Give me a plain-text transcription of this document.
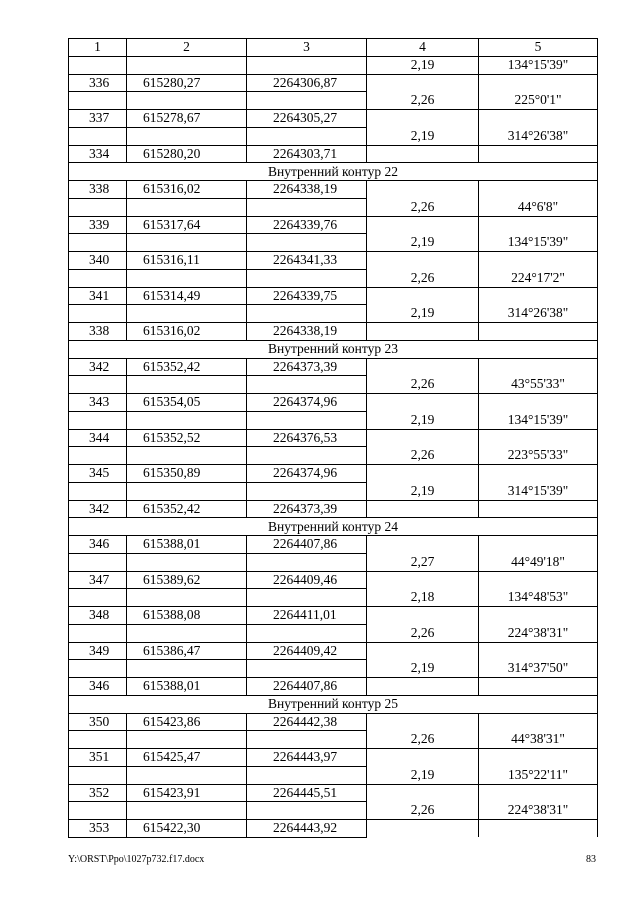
1	2	3	4	5
			2,19	134°15'39"
336	615280,27	2264306,87		
			2,26	225°0'1"
337	615278,67	2264305,27		
			2,19	314°26'38"
334	615280,20	2264303,71		
Внутренний контур 22				
338	615316,02	2264338,19		
			2,26	44°6'8"
339	615317,64	2264339,76		
			2,19	134°15'39"
340	615316,11	2264341,33		
			2,26	224°17'2"
341	615314,49	2264339,75		
			2,19	314°26'38"
338	615316,02	2264338,19		
Внутренний контур 23				
342	615352,42	2264373,39		
			2,26	43°55'33"
343	615354,05	2264374,96		
			2,19	134°15'39"
344	615352,52	2264376,53		
			2,26	223°55'33"
345	615350,89	2264374,96		
			2,19	314°15'39"
342	615352,42	2264373,39		
Внутренний контур 24				
346	615388,01	2264407,86		
			2,27	44°49'18"
347	615389,62	2264409,46		
			2,18	134°48'53"
348	615388,08	2264411,01		
			2,26	224°38'31"
349	615386,47	2264409,42		
			2,19	314°37'50"
346	615388,01	2264407,86		
Внутренний контур 25				
350	615423,86	2264442,38		
			2,26	44°38'31"
351	615425,47	2264443,97		
			2,19	135°22'11"
352	615423,91	2264445,51		
			2,26	224°38'31"
353	615422,30	2264443,92		
Y:\ORST\Ppo\1027p732.f17.docx	83
